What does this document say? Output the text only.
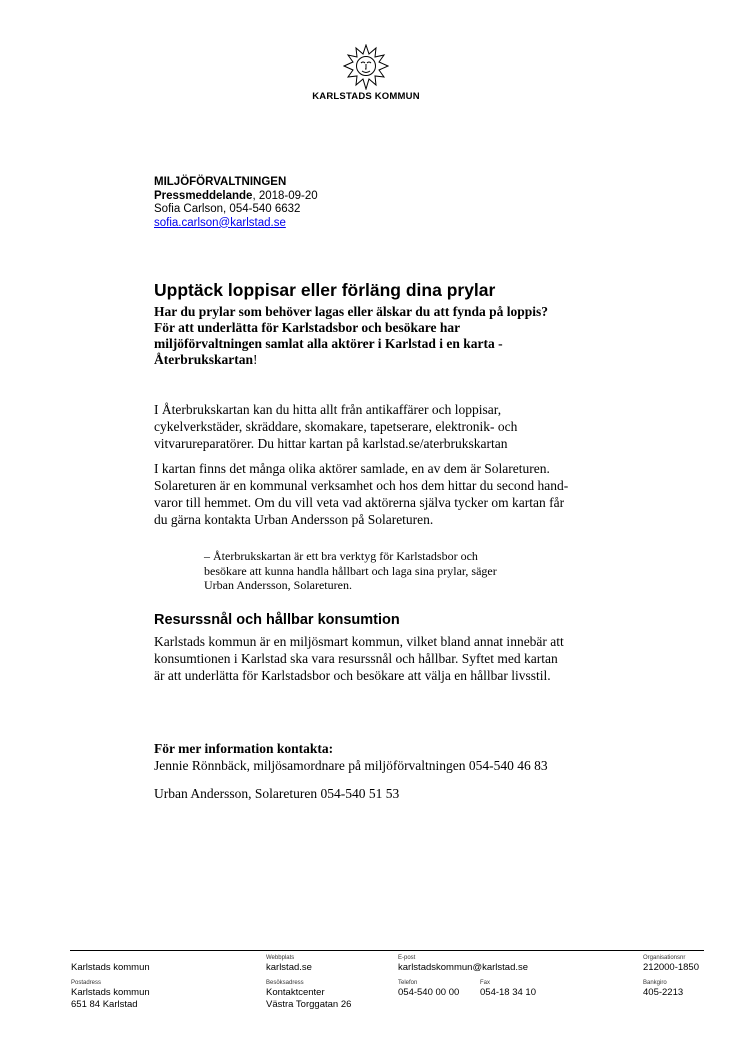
KARLSTADS KOMMUN
MILJÖFÖRVALTNINGEN
Pressmeddelande, 2018-09-20
Sofia Carlson, 054-540 6632
sofia.carlson@karlstad.se
Upptäck loppisar eller förläng dina prylar
Har du prylar som behöver lagas eller älskar du att fynda på loppis?
För att underlätta för Karlstadsbor och besökare har
miljöförvaltningen samlat alla aktörer i Karlstad i en karta -
Återbrukskartan!

I Återbrukskartan kan du hitta allt från antikaffärer och loppisar,
cykelverkstäder, skräddare, skomakare, tapetserare, elektronik- och
vitvarureparatörer. Du hittar kartan på karlstad.se/aterbrukskartan

I kartan finns det många olika aktörer samlade, en av dem är Solareturen.
Solareturen är en kommunal verksamhet och hos dem hittar du second hand-
varor till hemmet. Om du vill veta vad aktörerna själva tycker om kartan får
du gärna kontakta Urban Andersson på Solareturen.

– Återbrukskartan är ett bra verktyg för Karlstadsbor och
besökare att kunna handla hållbart och laga sina prylar, säger
Urban Andersson, Solareturen.
Resurssnål och hållbar konsumtion

Karlstads kommun är en miljösmart kommun, vilket bland annat innebär att
konsumtionen i Karlstad ska vara resurssnål och hållbar. Syftet med kartan
är att underlätta för Karlstadsbor och besökare att välja en hållbar livsstil.

För mer information kontakta:
Jennie Rönnbäck, miljösamordnare på miljöförvaltningen 054-540 46 83
Urban Andersson, Solareturen 054-540 51 53

Karlstads kommun
Webbplats
karlstad.se
E-post
karlstadskommun@karlstad.se
Organisationsnr
212000-1850
Postadress
Karlstads kommun
651 84 Karlstad
Besöksadress
Kontaktcenter
Västra Torggatan 26
Telefon
054-540 00 00
Fax
054-18 34 10
Bankgiro
405-2213
